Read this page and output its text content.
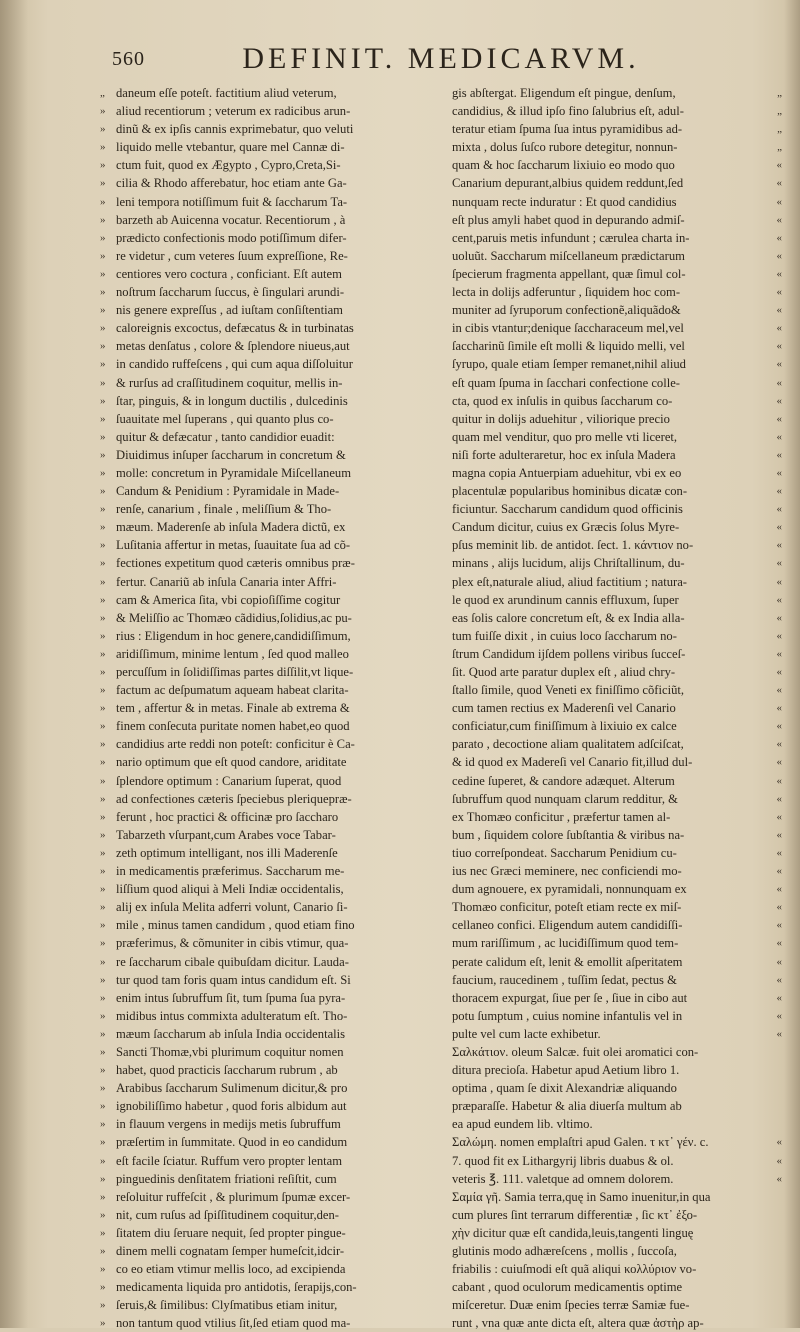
560	DEFINIT. MEDICARVM.
„ daneum eſſe poteſt. factitium aliud veterum,
» aliud recentiorum ; veterum ex radicibus arun-
» dinũ & ex ipſis cannis exprimebatur, quo veluti
» liquido melle vtebantur, quare mel Cannæ di-
» ctum fuit, quod ex Ægypto , Cypro,Creta,Si-
» cilia & Rhodo afferebatur, hoc etiam ante Ga-
» leni tempora notiſſimum fuit & ſaccharum Ta-
» barzeth ab Auicenna vocatur. Recentiorum , à
» prædicto confectionis modo potiſſimum difer-
» re videtur , cum veteres ſuum expreſſione, Re-
» centiores vero coctura , conficiant. Eſt autem
» noſtrum ſaccharum ſuccus, è ſingulari arundi-
» nis genere expreſſus , ad iuſtam conſiſtentiam
» caloreignis excoctus, defæcatus & in turbinatas
» metas denſatus , colore & ſplendore niueus,aut
» in candido ruffeſcens , qui cum aqua diſſoluitur
» & rurſus ad craſſitudinem coquitur, mellis in-
» ſtar, pinguis, & in longum ductilis , dulcedinis
» ſuauitate mel ſuperans , qui quanto plus co-
» quitur & defæcatur , tanto candidior euadit:
» Diuidimus inſuper ſaccharum in concretum &
» molle: concretum in Pyramidale Miſcellaneum
» Candum & Penidium : Pyramidale in Made-
» renſe, canarium , finale , meliſſium & Tho-
» mæum. Maderenſe ab inſula Madera dictũ, ex
» Luſitania affertur in metas, ſuauitate ſua ad cõ-
» fectiones expetitum quod cæteris omnibus præ-
» fertur. Canariũ ab inſula Canaria inter Affri-
» cam & America ſita, vbi copioſiſſime cogitur
» & Meliſſio ac Thomæo cãdidius,ſolidius,ac pu-
» rius : Eligendum in hoc genere,candidiſſimum,
» aridiſſimum, minime lentum , ſed quod malleo
» percuſſum in ſolidiſſimas partes diſſilit,vt lique-
» factum ac deſpumatum aqueam habeat clarita-
» tem , affertur & in metas. Finale ab extrema &
» finem conſecuta puritate nomen habet,eo quod
» candidius arte reddi non poteſt: conficitur è Ca-
» nario optimum que eſt quod candore, ariditate
» ſplendore optimum : Canarium ſuperat, quod
» ad confectiones cæteris ſpeciebus pleriquepræ-
» ferunt , hoc practici & officinæ pro ſaccharo
» Tabarzeth vſurpant,cum Arabes voce Tabar-
» zeth optimum intelligant, nos illi Maderenſe
» in medicamentis præferimus. Saccharum me-
» liſſium quod aliqui à Meli Indiæ occidentalis,
» alij ex inſula Melita adferri volunt, Canario ſi-
» mile , minus tamen candidum , quod etiam fino
» præferimus, & cõmuniter in cibis vtimur, qua-
» re ſaccharum cibale quibuſdam dicitur. Lauda-
» tur quod tam foris quam intus candidum eſt. Si
» enim intus ſubruffum ſit, tum ſpuma ſua pyra-
» midibus intus commixta adulteratum eſt. Tho-
» mæum ſaccharum ab inſula India occidentalis
» Sancti Thomæ,vbi plurimum coquitur nomen
» habet, quod practicis ſaccharum rubrum , ab
» Arabibus ſaccharum Sulimenum dicitur,& pro
» ignobiliſſimo habetur , quod foris albidum aut
» in flauum vergens in medijs metis ſubruffum
» præſertim in ſummitate. Quod in eo candidum
» eſt facile ſciatur. Ruffum vero propter lentam
» pinguedinis denſitatem friationi reſiſtit, cum
» reſoluitur ruffeſcit , & plurimum ſpumæ excer-
» nit, cum ruſus ad ſpiſſitudinem coquitur,den-
» ſitatem diu ſeruare nequit, ſed propter pingue-
» dinem melli cognatam ſemper humeſcit,idcir-
» co eo etiam vtimur mellis loco, ad excipienda
» medicamenta liquida pro antidotis, ſerapijs,con-
» ſeruis,& ſimilibus: Clyſmatibus etiam initur,
» non tantum quod vtilius ſit,ſed etiam quod ma-
„
gis abſtergat. Eligendum eſt pingue, denſum,
„
candidius, & illud ipſo fino ſalubrius eſt, adul-
„
teratur etiam ſpuma ſua intus pyramidibus ad-
„
mixta , dolus ſuſco rubore detegitur, nonnun-
«
quam & hoc ſaccharum lixiuio eo modo quo
«
Canarium depurant,albius quidem reddunt,ſed
«
nunquam recte induratur : Et quod candidius
«
eſt plus amyli habet quod in depurando admiſ-
«
cent,paruis metis infundunt ; cærulea charta in-
«
uoluũt. Saccharum miſcellaneum prædictarum
«
ſpecierum fragmenta appellant, quæ ſimul col-
«
lecta in dolijs adferuntur , ſiquidem hoc com-
«
muniter ad ſyruporum confectionẽ,aliquãdo&
«
in cibis vtantur;denique ſaccharaceum mel,vel
«
ſaccharinũ ſimile eſt molli & liquido melli, vel
«
ſyrupo, quale etiam ſemper remanet,nihil aliud
«
eſt quam ſpuma in ſacchari confectione colle-
«
cta, quod ex inſulis in quibus ſaccharum co-
«
quitur in dolijs aduehitur , viliorique precio
«
quam mel venditur, quo pro melle vti liceret,
«
niſi forte adulteraretur, hoc ex inſula Madera
«
magna copia Antuerpiam aduehitur, vbi ex eo
«
placentulæ popularibus hominibus dicatæ con-
«
ficiuntur. Saccharum candidum quod officinis
«
Candum dicitur, cuius ex Græcis ſolus Myre-
«
pſus meminit lib. de antidot. ſect. 1. κάντιον no-
«
minans , alijs lucidum, alijs Chriſtallinum, du-
«
plex eſt,naturale aliud, aliud factitium ; natura-
«
le quod ex arundinum cannis effluxum, ſuper
«
eas ſolis calore concretum eſt, & ex India alla-
«
tum fuiſſe dixit , in cuius loco ſaccharum no-
«
ſtrum Candidum ijſdem pollens viribus ſucceſ-
«
ſit. Quod arte paratur duplex eſt , aliud chry-
«
ſtallo ſimile, quod Veneti ex finiſſimo cõficiũt,
«
cum tamen rectius ex Maderenſi vel Canario
«
conficiatur,cum finiſſimum à lixiuio ex calce
«
parato , decoctione aliam qualitatem adſciſcat,
«
& id quod ex Madereſi vel Canario fit,illud dul-
«
cedine ſuperet, & candore adæquet. Alterum
«
ſubruffum quod nunquam clarum redditur, &
«
ex Thomæo conficitur , præfertur tamen al-
«
bum , ſiquidem colore ſubſtantia & viribus na-
«
tiuo correſpondeat. Saccharum Penidium cu-
«
ius nec Græci meminere, nec conficiendi mo-
«
dum agnouere, ex pyramidali, nonnunquam ex
«
Thomæo conficitur, poteſt etiam recte ex miſ-
«
cellaneo confici. Eligendum autem candidiſſi-
«
mum rariſſimum , ac luciđiſſimum quod tem-
«
perate calidum eſt, lenit & emollit aſperitatem
«
faucium, raucedinem , tuſſim ſedat, pectus &
«
thoracem expurgat, ſiue per ſe , ſiue in cibo aut
«
potu ſumptum , cuius nomine infantulis vel in
«
pulte vel cum lacte exhibetur.
Σαλκάτιον. oleum Salcæ. fuit olei aromatici con-
ditura precioſa. Habetur apud Aetium libro 1.
optima , quam ſe dixit Alexandriæ aliquando
præparaſſe. Habetur & alia diuerſa multum ab
ea apud eundem lib. vltimo.
«
Σαλώμη. nomen emplaſtri apud Galen. τ κτ᾽ γέν. c.
«
7. quod fit ex Lithargyrij libris duabus & ol.
«
veteris ℥. 111. valetque ad omnem dolorem.
Σαμία γῆ. Samia terra,quę in Samo inuenitur,in qua
cum plures ſint terrarum differentiæ , ſic κτ᾽ ἐξο-
χὴν dicitur quæ eſt candida,leuis,tangenti linguę
glutinis modo adhæreſcens , mollis , ſuccoſa,
friabilis : cuiuſmodi eſt quã aliqui κολλύριον vo-
cabant , quod oculorum medicamentis optime
miſceretur. Duæ enim ſpecies terræ Samiæ fue-
runt , vna quæ ante dicta eſt, altera quæ ἀστὴρ ap-
